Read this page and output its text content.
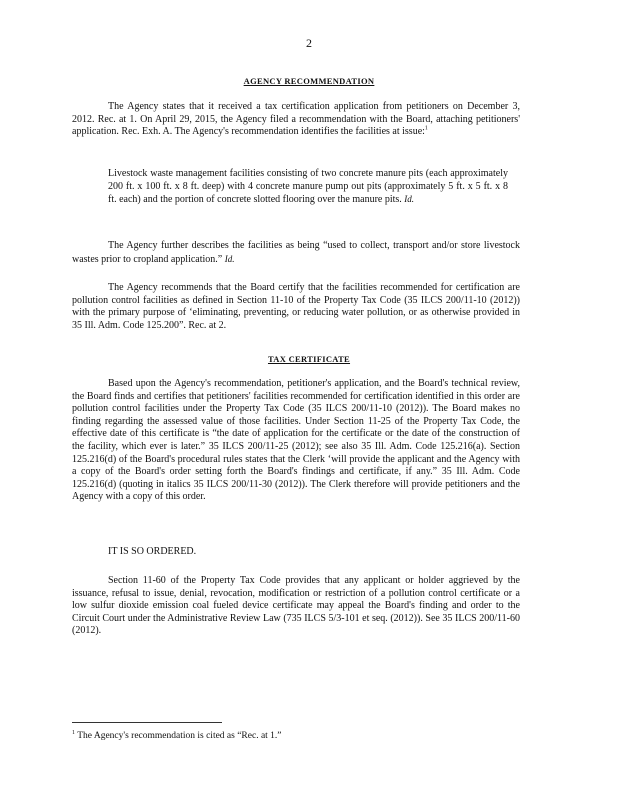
2
AGENCY RECOMMENDATION

The Agency states that it received a tax certification application from petitioners on December 3, 2012. Rec. at 1. On April 29, 2015, the Agency filed a recommendation with the Board, attaching petitioners' application. Rec. Exh. A. The Agency's recommendation identifies the facilities at issue:$^1$

Livestock waste management facilities consisting of two concrete manure pits (each approximately 200 ft. x 100 ft. x 8 ft. deep) with 4 concrete manure pump out pits (approximately 5 ft. x 5 ft. x 8 ft. each) and the portion of concrete slotted flooring over the manure pits. Id.

The Agency further describes the facilities as being “used to collect, transport and/or store livestock wastes prior to cropland application.” Id.

The Agency recommends that the Board certify that the facilities recommended for certification are pollution control facilities as defined in Section 11-10 of the Property Tax Code (35 ILCS 200/11-10 (2012)) with the primary purpose of ‘eliminating, preventing, or reducing water pollution, or as otherwise provided in 35 Ill. Adm. Code 125.200”. Rec. at 2.

TAX CERTIFICATE

Based upon the Agency's recommendation, petitioner's application, and the Board's technical review, the Board finds and certifies that petitioners' facilities recommended for certification identified in this order are pollution control facilities under the Property Tax Code (35 ILCS 200/11-10 (2012)). The Board makes no finding regarding the assessed value of those facilities. Under Section 11-25 of the Property Tax Code, the effective date of this certificate is “the date of application for the certificate or the date of the construction of the facility, which ever is later.” 35 ILCS 200/11-25 (2012); see also 35 Ill. Adm. Code 125.216(a). Section 125.216(d) of the Board's procedural rules states that the Clerk ‘will provide the applicant and the Agency with a copy of the Board's order setting forth the Board's findings and certificate, if any.” 35 Ill. Adm. Code 125.216(d) (quoting in italics 35 ILCS 200/11-30 (2012)). The Clerk therefore will provide petitioners and the Agency with a copy of this order.

IT IS SO ORDERED.

Section 11-60 of the Property Tax Code provides that any applicant or holder aggrieved by the issuance, refusal to issue, denial, revocation, modification or restriction of a pollution control certificate or a low sulfur dioxide emission coal fueled device certificate may appeal the Board's finding and order to the Circuit Court under the Administrative Review Law (735 ILCS 5/3-101 et seq. (2012)). See 35 ILCS 200/11-60 (2012).

$^1$ The Agency's recommendation is cited as “Rec. at 1.”
